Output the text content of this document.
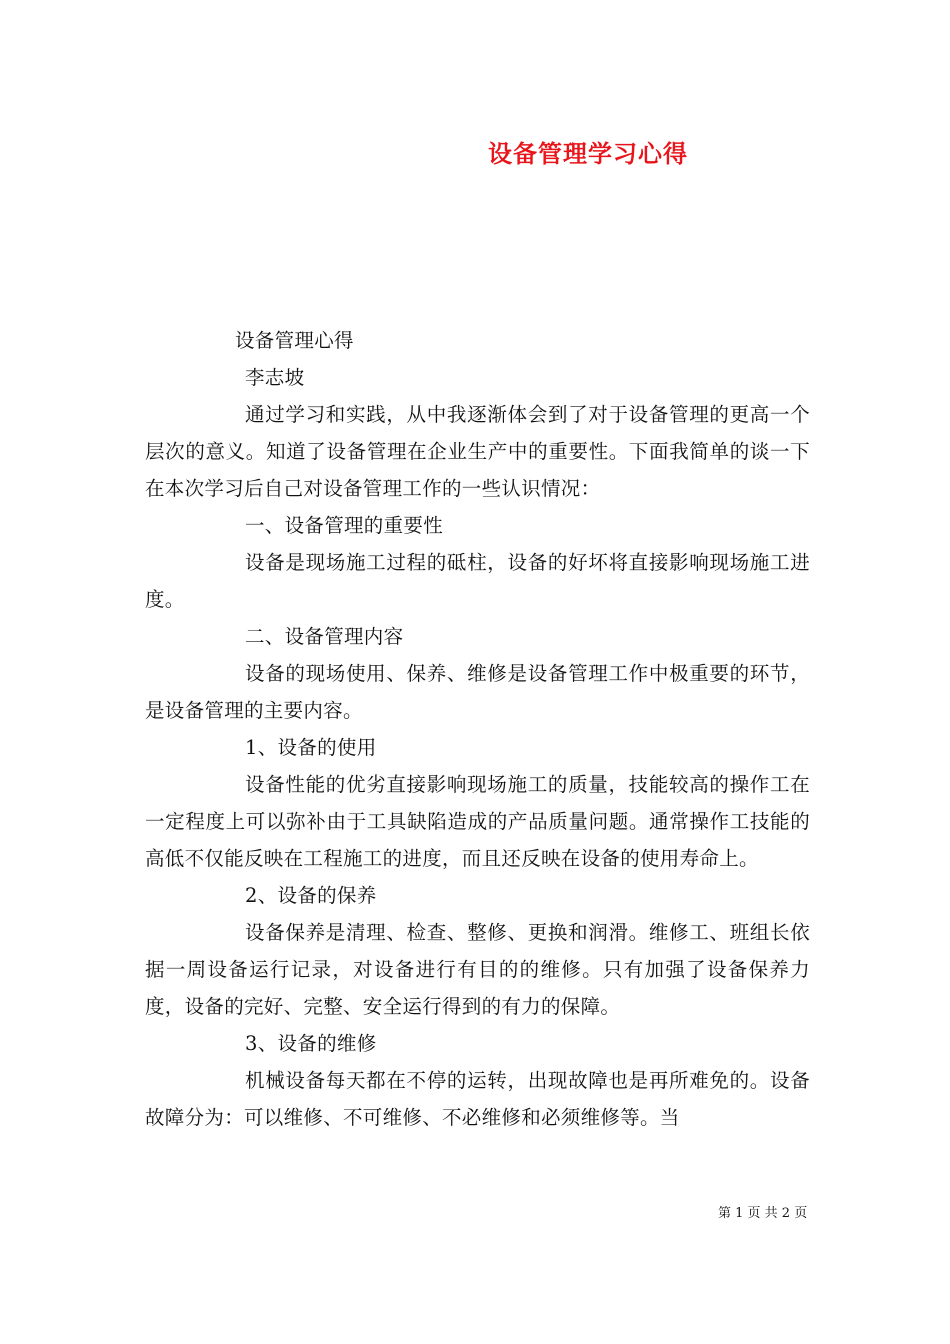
设备管理学习心得

设备管理心得

李志坡

通过学习和实践，从中我逐渐体会到了对于设备管理的更高一个层次的意义。知道了设备管理在企业生产中的重要性。下面我简单的谈一下在本次学习后自己对设备管理工作的一些认识情况：

一、设备管理的重要性

设备是现场施工过程的砥柱，设备的好坏将直接影响现场施工进度。

二、设备管理内容

设备的现场使用、保养、维修是设备管理工作中极重要的环节，是设备管理的主要内容。

1、设备的使用

设备性能的优劣直接影响现场施工的质量，技能较高的操作工在一定程度上可以弥补由于工具缺陷造成的产品质量问题。通常操作工技能的高低不仅能反映在工程施工的进度，而且还反映在设备的使用寿命上。

2、设备的保养

设备保养是清理、检查、整修、更换和润滑。维修工、班组长依据一周设备运行记录，对设备进行有目的的维修。只有加强了设备保养力度，设备的完好、完整、安全运行得到的有力的保障。

3、设备的维修

机械设备每天都在不停的运转，出现故障也是再所难免的。设备故障分为：可以维修、不可维修、不必维修和必须维修等。当

第 1 页 共 2 页
